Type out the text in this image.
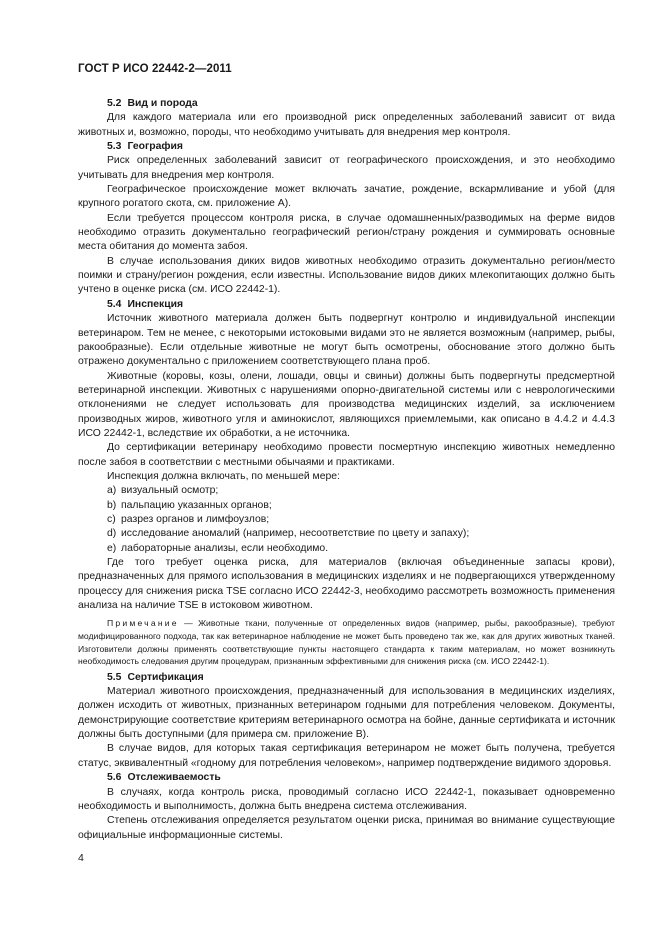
ГОСТ Р ИСО 22442-2—2011
5.2 Вид и порода

Для каждого материала или его производной риск определенных заболеваний зависит от вида животных и, возможно, породы, что необходимо учитывать для внедрения мер контроля.

5.3 География

Риск определенных заболеваний зависит от географического происхождения, и это необходимо учитывать для внедрения мер контроля.

Географическое происхождение может включать зачатие, рождение, вскармливание и убой (для крупного рогатого скота, см. приложение А).

Если требуется процессом контроля риска, в случае одомашненных/разводимых на ферме видов необходимо отразить документально географический регион/страну рождения и суммировать основные места обитания до момента забоя.

В случае использования диких видов животных необходимо отразить документально регион/место поимки и страну/регион рождения, если известны. Использование видов диких млекопитающих должно быть учтено в оценке риска (см. ИСО 22442-1).

5.4 Инспекция

Источник животного материала должен быть подвергнут контролю и индивидуальной инспекции ветеринаром. Тем не менее, с некоторыми истоковыми видами это не является возможным (например, рыбы, ракообразные). Если отдельные животные не могут быть осмотрены, обоснование этого должно быть отражено документально с приложением соответствующего плана проб.

Животные (коровы, козы, олени, лошади, овцы и свиньи) должны быть подвергнуты предсмертной ветеринарной инспекции. Животных с нарушениями опорно-двигательной системы или с неврологическими отклонениями не следует использовать для производства медицинских изделий, за исключением производных жиров, животного угля и аминокислот, являющихся приемлемыми, как описано в 4.4.2 и 4.4.3 ИСО 22442-1, вследствие их обработки, а не источника.

До сертификации ветеринару необходимо провести посмертную инспекцию животных немедленно после забоя в соответствии с местными обычаями и практиками.

Инспекция должна включать, по меньшей мере:

a) визуальный осмотр;
b) пальпацию указанных органов;
c) разрез органов и лимфоузлов;
d) исследование аномалий (например, несоответствие по цвету и запаху);
e) лабораторные анализы, если необходимо.

Где того требует оценка риска, для материалов (включая объединенные запасы крови), предназначенных для прямого использования в медицинских изделиях и не подвергающихся утвержденному процессу для снижения риска TSE согласно ИСО 22442-3, необходимо рассмотреть возможность применения анализа на наличие TSE в истоковом животном.

Примечание — Животные ткани, полученные от определенных видов (например, рыбы, ракообразные), требуют модифицированного подхода, так как ветеринарное наблюдение не может быть проведено так же, как для других животных тканей. Изготовители должны применять соответствующие пункты настоящего стандарта к таким материалам, но может возникнуть необходимость следования другим процедурам, признанным эффективными для снижения риска (см. ИСО 22442-1).

5.5 Сертификация

Материал животного происхождения, предназначенный для использования в медицинских изделиях, должен исходить от животных, признанных ветеринаром годными для потребления человеком. Документы, демонстрирующие соответствие критериям ветеринарного осмотра на бойне, данные сертификата и источник должны быть доступными (для примера см. приложение В).

В случае видов, для которых такая сертификация ветеринаром не может быть получена, требуется статус, эквивалентный «годному для потребления человеком», например подтверждение видимого здоровья.

5.6 Отслеживаемость

В случаях, когда контроль риска, проводимый согласно ИСО 22442-1, показывает одновременно необходимость и выполнимость, должна быть внедрена система отслеживания.

Степень отслеживания определяется результатом оценки риска, принимая во внимание существующие официальные информационные системы.

4
